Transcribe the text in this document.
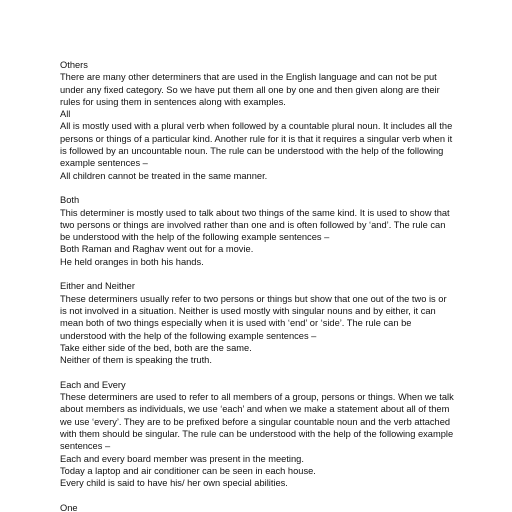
Others
There are many other determiners that are used in the English language and can not be put
under any fixed category. So we have put them all one by one and then given along are their
rules for using them in sentences along with examples.
All
All is mostly used with a plural verb when followed by a countable plural noun. It includes all the
persons or things of a particular kind. Another rule for it is that it requires a singular verb when it
is followed by an uncountable noun. The rule can be understood with the help of the following
example sentences –
All children cannot be treated in the same manner.
Both
This determiner is mostly used to talk about two things of the same kind. It is used to show that
two persons or things are involved rather than one and is often followed by ‘and’. The rule can
be understood with the help of the following example sentences –
Both Raman and Raghav went out for a movie.
He held oranges in both his hands.
Either and Neither
These determiners usually refer to two persons or things but show that one out of the two is or
is not involved in a situation. Neither is used mostly with singular nouns and by either, it can
mean both of two things especially when it is used with ‘end’ or ‘side’. The rule can be
understood with the help of the following example sentences –
Take either side of the bed, both are the same.
Neither of them is speaking the truth.
Each and Every
These determiners are used to refer to all members of a group, persons or things. When we talk
about members as individuals, we use ‘each’ and when we make a statement about all of them
we use ‘every’. They are to be prefixed before a singular countable noun and the verb attached
with them should be singular. The rule can be understood with the help of the following example
sentences –
Each and every board member was present in the meeting.
Today a laptop and air conditioner can be seen in each house.
Every child is said to have his/ her own special abilities.
One
